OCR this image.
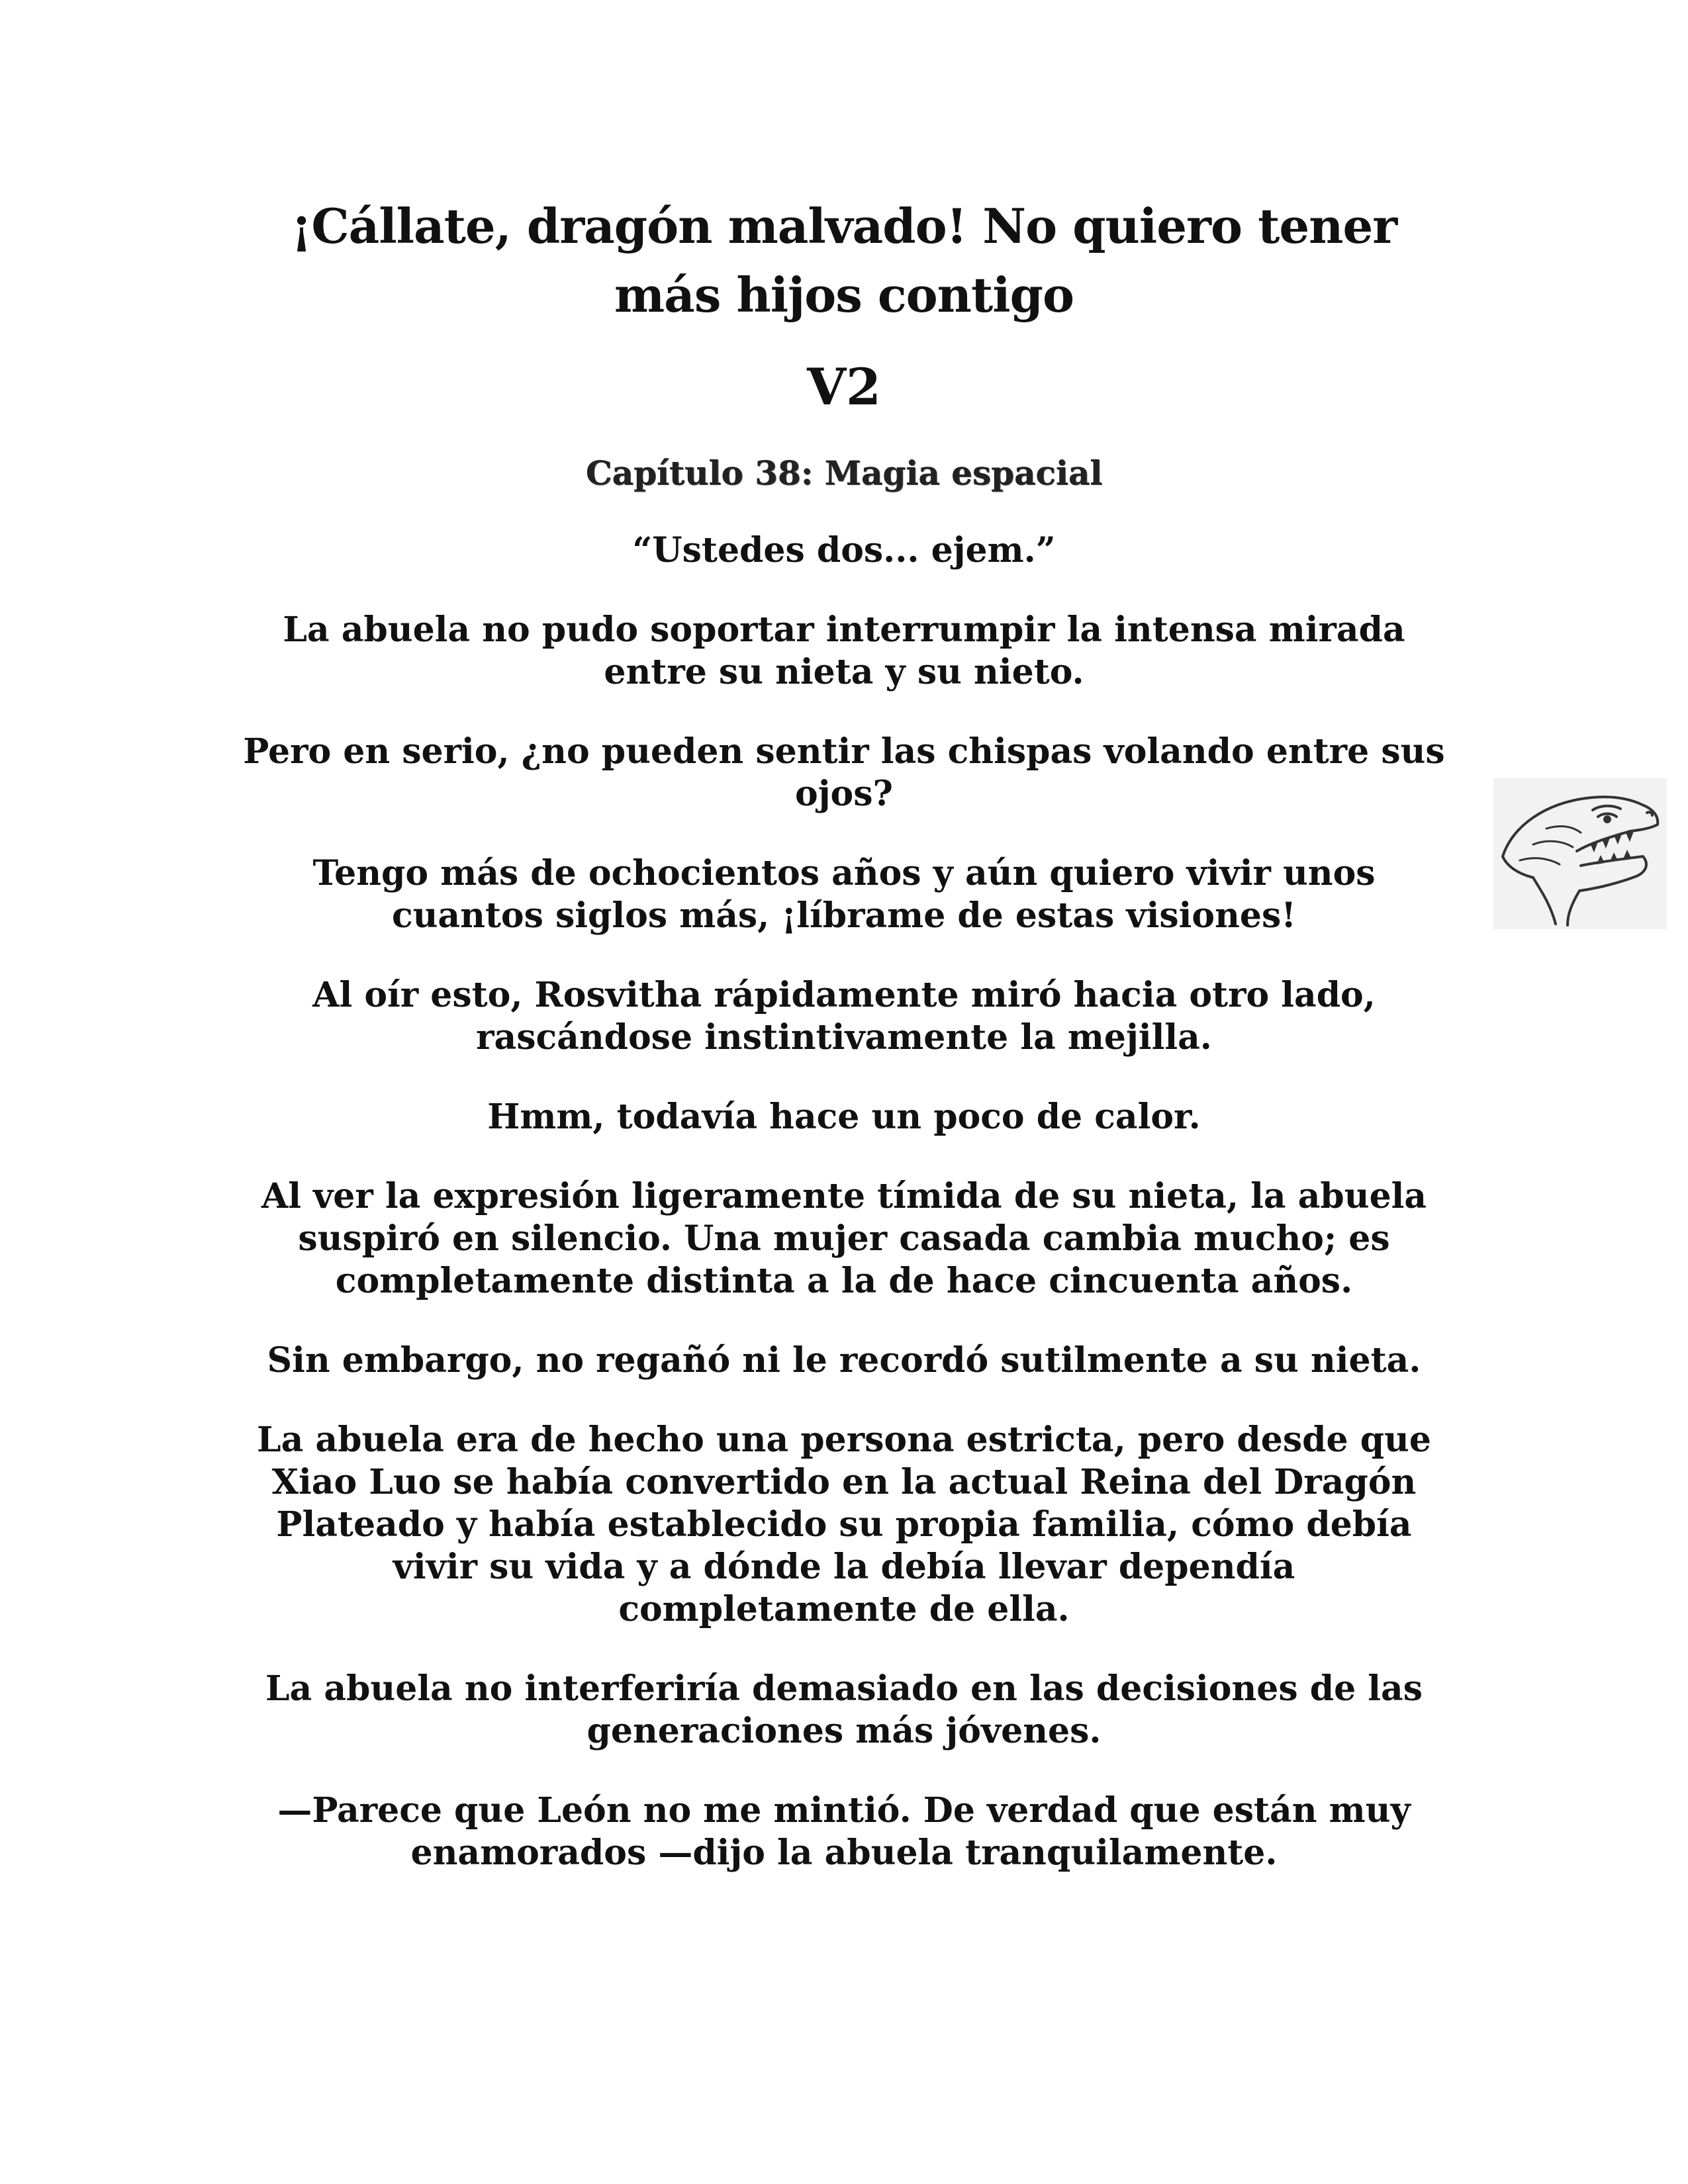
¡Cállate, dragón malvado! No quiero tener más hijos contigo
V2
Capítulo 38: Magia espacial

“Ustedes dos... ejem.”

La abuela no pudo soportar interrumpir la intensa mirada entre su nieta y su nieto.

Pero en serio, ¿no pueden sentir las chispas volando entre sus ojos?

Tengo más de ochocientos años y aún quiero vivir unos cuantos siglos más, ¡líbrame de estas visiones!

Al oír esto, Rosvitha rápidamente miró hacia otro lado, rascándose instintivamente la mejilla.

Hmm, todavía hace un poco de calor.

Al ver la expresión ligeramente tímida de su nieta, la abuela suspiró en silencio. Una mujer casada cambia mucho; es completamente distinta a la de hace cincuenta años.

Sin embargo, no regañó ni le recordó sutilmente a su nieta.

La abuela era de hecho una persona estricta, pero desde que Xiao Luo se había convertido en la actual Reina del Dragón Plateado y había establecido su propia familia, cómo debía vivir su vida y a dónde la debía llevar dependía completamente de ella.

La abuela no interferiría demasiado en las decisiones de las generaciones más jóvenes.

—Parece que León no me mintió. De verdad que están muy enamorados —dijo la abuela tranquilamente.
